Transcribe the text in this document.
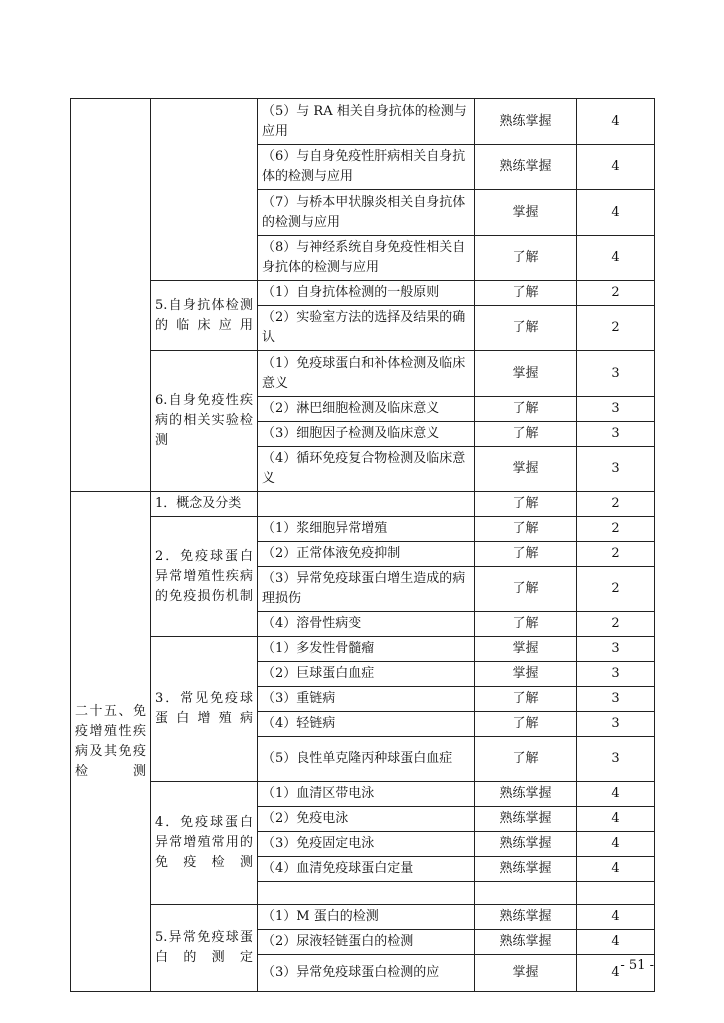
		（5）与 RA 相关自身抗体的检测与应用	熟练掌握	4
		（6）与自身免疫性肝病相关自身抗体的检测与应用	熟练掌握	4
		（7）与桥本甲状腺炎相关自身抗体的检测与应用	掌握	4
		（8）与神经系统自身免疫性相关自身抗体的检测与应用	了解	4
	5.自身抗体检测的临床应用	（1）自身抗体检测的一般原则	了解	2
		（2）实验室方法的选择及结果的确认	了解	2
	6.自身免疫性疾病的相关实验检测	（1）免疫球蛋白和补体检测及临床意义	掌握	3
		（2）淋巴细胞检测及临床意义	了解	3
		（3）细胞因子检测及临床意义	了解	3
		（4）循环免疫复合物检测及临床意义	掌握	3
二十五、免疫增殖性疾病及其免疫检测	1．概念及分类		了解	2
	2．免疫球蛋白异常增殖性疾病的免疫损伤机制	（1）浆细胞异常增殖	了解	2
		（2）正常体液免疫抑制	了解	2
		（3）异常免疫球蛋白增生造成的病理损伤	了解	2
		（4）溶骨性病变	了解	2
	3．常见免疫球蛋白增殖病	（1）多发性骨髓瘤	掌握	3
		（2）巨球蛋白血症	掌握	3
		（3）重链病	了解	3
		（4）轻链病	了解	3
		（5）良性单克隆丙种球蛋白血症	了解	3
	4．免疫球蛋白异常增殖常用的免疫检测	（1）血清区带电泳	熟练掌握	4
		（2）免疫电泳	熟练掌握	4
		（3）免疫固定电泳	熟练掌握	4
		（4）血清免疫球蛋白定量	熟练掌握	4

	5.异常免疫球蛋白的测定	（1）M 蛋白的检测	熟练掌握	4
		（2）尿液轻链蛋白的检测	熟练掌握	4
		（3）异常免疫球蛋白检测的应	掌握	4 - 51 -
